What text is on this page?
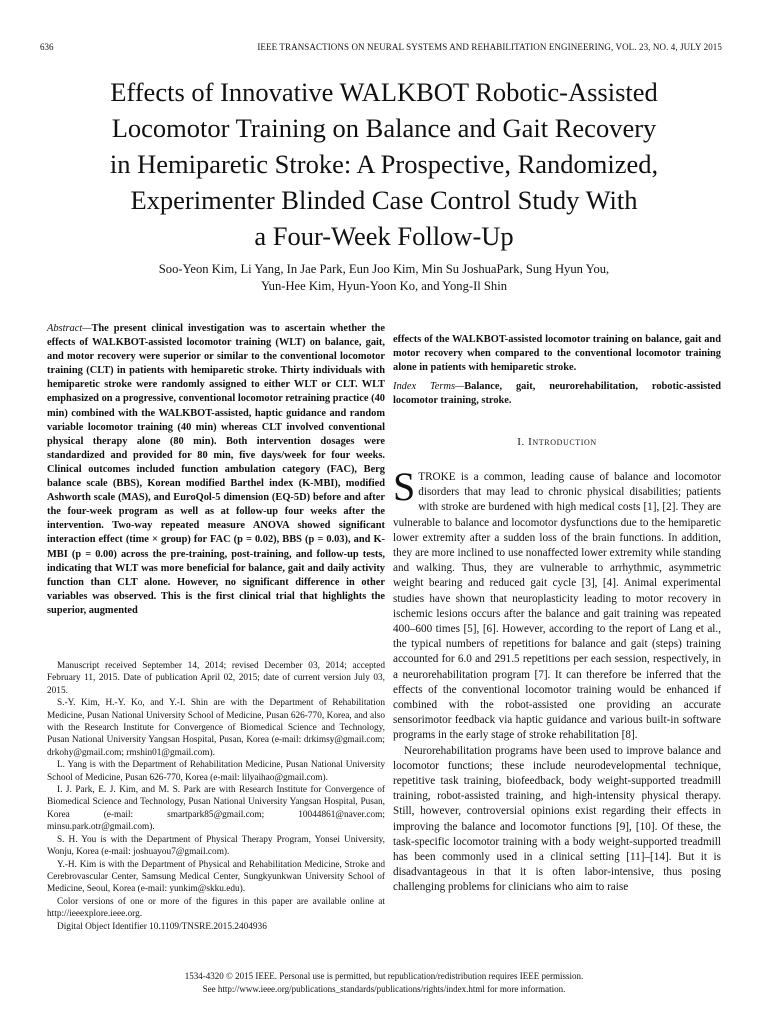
636	IEEE TRANSACTIONS ON NEURAL SYSTEMS AND REHABILITATION ENGINEERING, VOL. 23, NO. 4, JULY 2015
Effects of Innovative WALKBOT Robotic-Assisted
Locomotor Training on Balance and Gait Recovery
in Hemiparetic Stroke: A Prospective, Randomized,
Experimenter Blinded Case Control Study With
a Four-Week Follow-Up
Soo-Yeon Kim, Li Yang, In Jae Park, Eun Joo Kim, Min Su JoshuaPark, Sung Hyun You,
Yun-Hee Kim, Hyun-Yoon Ko, and Yong-Il Shin
Abstract—The present clinical investigation was to ascertain whether the effects of WALKBOT-assisted locomotor training (WLT) on balance, gait, and motor recovery were superior or similar to the conventional locomotor training (CLT) in patients with hemiparetic stroke. Thirty individuals with hemiparetic stroke were randomly assigned to either WLT or CLT. WLT emphasized on a progressive, conventional locomotor retraining practice (40 min) combined with the WALKBOT-assisted, haptic guidance and random variable locomotor training (40 min) whereas CLT involved conventional physical therapy alone (80 min). Both intervention dosages were standardized and provided for 80 min, five days/week for four weeks. Clinical outcomes included function ambulation category (FAC), Berg balance scale (BBS), Korean modified Barthel index (K-MBI), modified Ashworth scale (MAS), and EuroQol-5 dimension (EQ-5D) before and after the four-week program as well as at follow-up four weeks after the intervention. Two-way repeated measure ANOVA showed significant interaction effect (time × group) for FAC (p = 0.02), BBS (p = 0.03), and K-MBI (p = 0.00) across the pre-training, post-training, and follow-up tests, indicating that WLT was more beneficial for balance, gait and daily activity function than CLT alone. However, no significant difference in other variables was observed. This is the first clinical trial that highlights the superior, augmented
effects of the WALKBOT-assisted locomotor training on balance, gait and motor recovery when compared to the conventional locomotor training alone in patients with hemiparetic stroke.
Index Terms—Balance, gait, neurorehabilitation, robotic-assisted locomotor training, stroke.
I. Introduction

STROKE is a common, leading cause of balance and locomotor disorders that may lead to chronic physical disabilities; patients with stroke are burdened with high medical costs [1], [2]. They are vulnerable to balance and locomotor dysfunctions due to the hemiparetic lower extremity after a sudden loss of the brain functions. In addition, they are more inclined to use nonaffected lower extremity while standing and walking. Thus, they are vulnerable to arrhythmic, asymmetric weight bearing and reduced gait cycle [3], [4]. Animal experimental studies have shown that neuroplasticity leading to motor recovery in ischemic lesions occurs after the balance and gait training was repeated 400–600 times [5], [6]. However, according to the report of Lang et al., the typical numbers of repetitions for balance and gait (steps) training accounted for 6.0 and 291.5 repetitions per each session, respectively, in a neurorehabilitation program [7]. It can therefore be inferred that the effects of the conventional locomotor training would be enhanced if combined with the robot-assisted one providing an accurate sensorimotor feedback via haptic guidance and various built-in software programs in the early stage of stroke rehabilitation [8].

Neurorehabilitation programs have been used to improve balance and locomotor functions; these include neurodevelopmental technique, repetitive task training, biofeedback, body weight-supported treadmill training, robot-assisted training, and high-intensity physical therapy. Still, however, controversial opinions exist regarding their effects in improving the balance and locomotor functions [9], [10]. Of these, the task-specific locomotor training with a body weight-supported treadmill has been commonly used in a clinical setting [11]–[14]. But it is disadvantageous in that it is often labor-intensive, thus posing challenging problems for clinicians who aim to raise

Manuscript received September 14, 2014; revised December 03, 2014; accepted February 11, 2015. Date of publication April 02, 2015; date of current version July 03, 2015.

S.-Y. Kim, H.-Y. Ko, and Y.-I. Shin are with the Department of Rehabilitation Medicine, Pusan National University School of Medicine, Pusan 626-770, Korea, and also with the Research Institute for Convergence of Biomedical Science and Technology, Pusan National University Yangsan Hospital, Pusan, Korea (e-mail: drkimsy@gmail.com; drkohy@gmail.com; rmshin01@gmail.com).

L. Yang is with the Department of Rehabilitation Medicine, Pusan National University School of Medicine, Pusan 626-770, Korea (e-mail: lilyaihao@gmail.com).

I. J. Park, E. J. Kim, and M. S. Park are with Research Institute for Convergence of Biomedical Science and Technology, Pusan National University Yangsan Hospital, Pusan, Korea (e-mail: smartpark85@gmail.com; 10044861@naver.com; minsu.park.otr@gmail.com).

S. H. You is with the Department of Physical Therapy Program, Yonsei University, Wonju, Korea (e-mail: joshuayou7@gmail.com).

Y.-H. Kim is with the Department of Physical and Rehabilitation Medicine, Stroke and Cerebrovascular Center, Samsung Medical Center, Sungkyunkwan University School of Medicine, Seoul, Korea (e-mail: yunkim@skku.edu).

Color versions of one or more of the figures in this paper are available online at http://ieeexplore.ieee.org.

Digital Object Identifier 10.1109/TNSRE.2015.2404936

1534-4320 © 2015 IEEE. Personal use is permitted, but republication/redistribution requires IEEE permission.
See http://www.ieee.org/publications_standards/publications/rights/index.html for more information.
